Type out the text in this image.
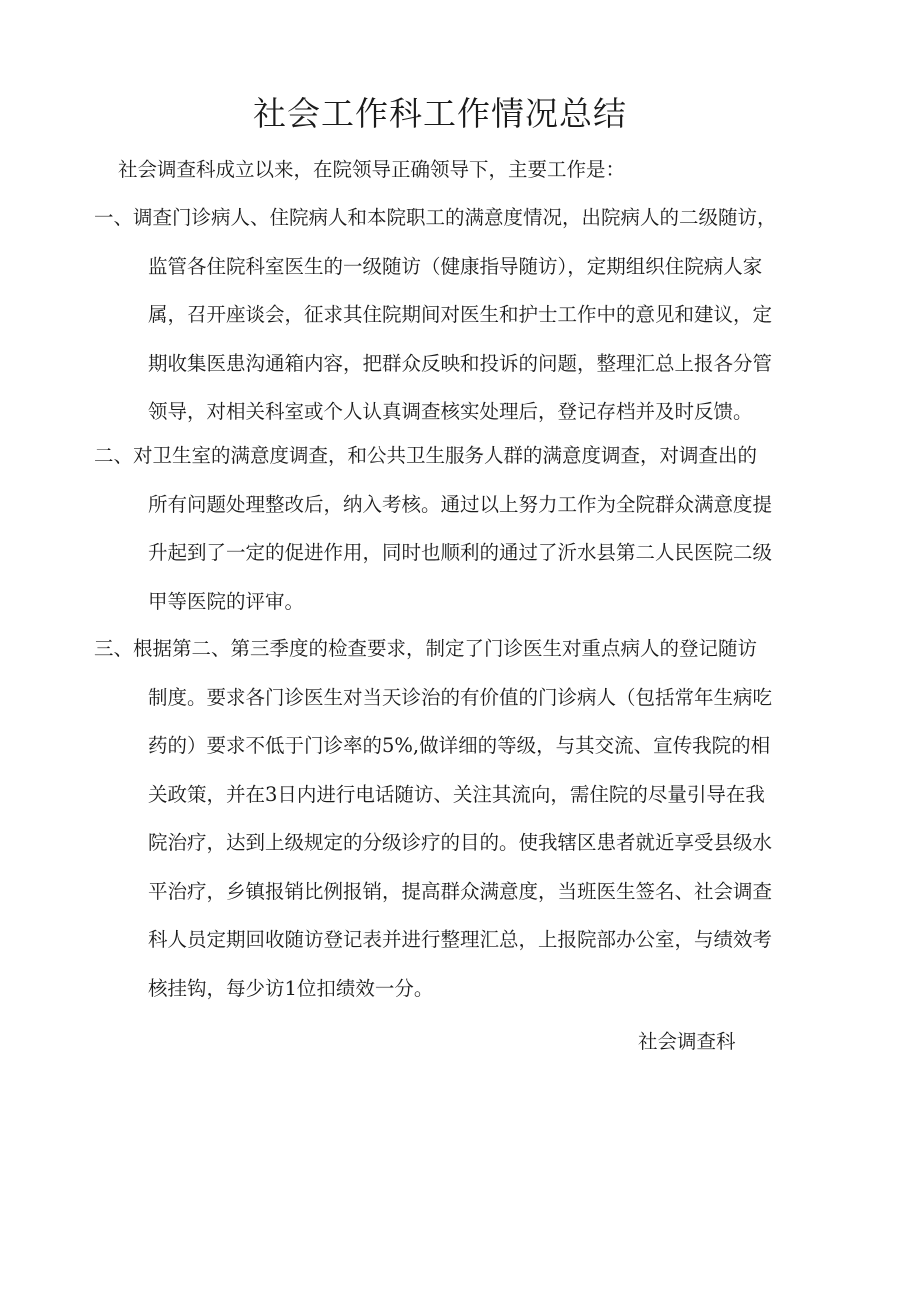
社会工作科工作情况总结
社会调查科成立以来，在院领导正确领导下，主要工作是：
一、调查门诊病人、住院病人和本院职工的满意度情况，出院病人的二级随访，
监管各住院科室医生的一级随访（健康指导随访），定期组织住院病人家
属，召开座谈会，征求其住院期间对医生和护士工作中的意见和建议，定
期收集医患沟通箱内容，把群众反映和投诉的问题，整理汇总上报各分管
领导，对相关科室或个人认真调查核实处理后，登记存档并及时反馈。
二、对卫生室的满意度调查，和公共卫生服务人群的满意度调查，对调查出的
所有问题处理整改后，纳入考核。通过以上努力工作为全院群众满意度提
升起到了一定的促进作用，同时也顺利的通过了沂水县第二人民医院二级
甲等医院的评审。
三、根据第二、第三季度的检查要求，制定了门诊医生对重点病人的登记随访
制度。要求各门诊医生对当天诊治的有价值的门诊病人（包括常年生病吃
药的）要求不低于门诊率的5%,做详细的等级，与其交流、宣传我院的相
关政策，并在3日内进行电话随访、关注其流向，需住院的尽量引导在我
院治疗，达到上级规定的分级诊疗的目的。使我辖区患者就近享受县级水
平治疗，乡镇报销比例报销，提高群众满意度，当班医生签名、社会调查
科人员定期回收随访登记表并进行整理汇总，上报院部办公室，与绩效考
核挂钩，每少访1位扣绩效一分。
社会调查科
